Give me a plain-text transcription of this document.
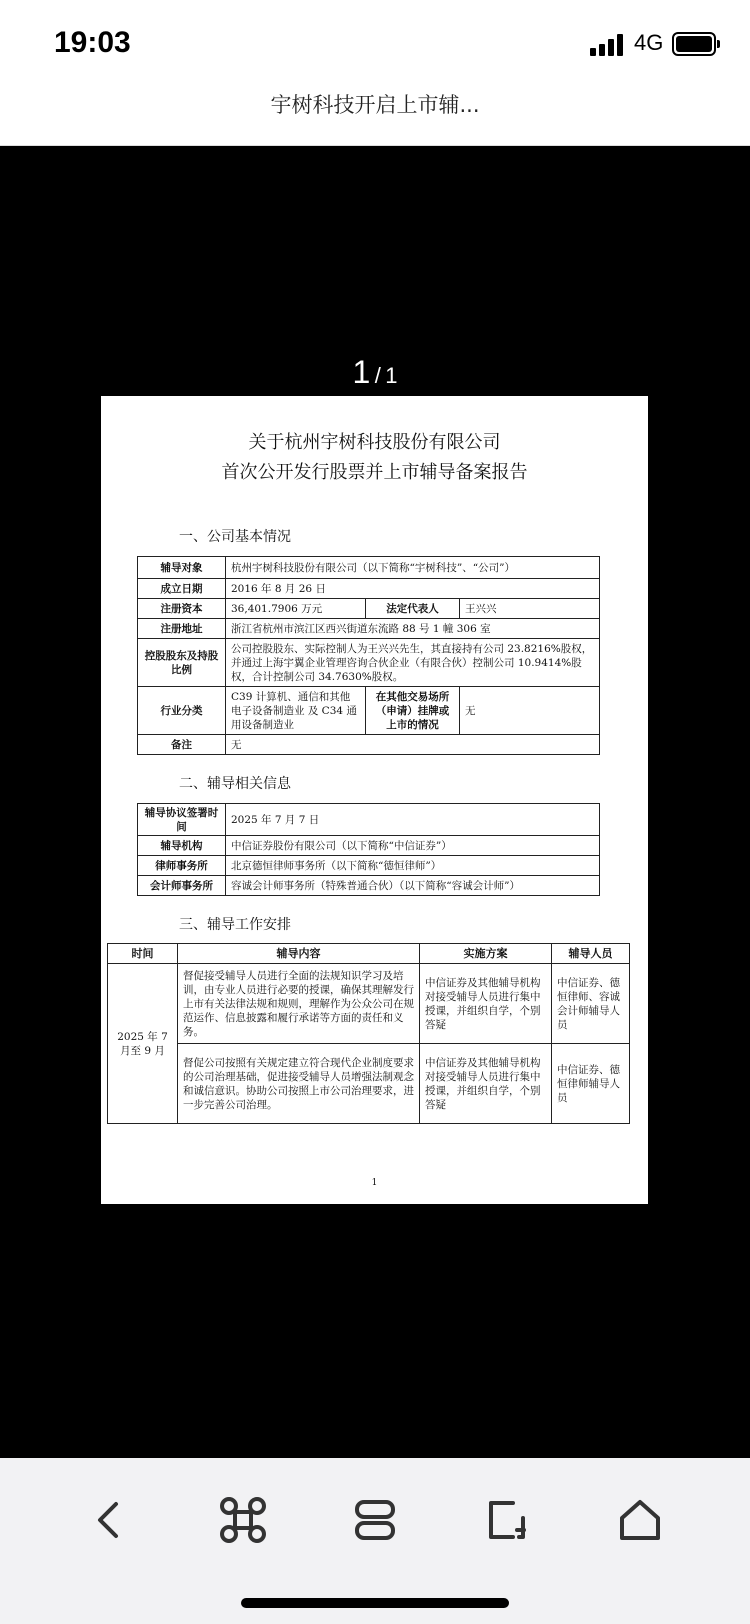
19:03	4G
宇树科技开启上市辅...
1 / 1
关于杭州宇树科技股份有限公司
首次公开发行股票并上市辅导备案报告
一、公司基本情况
辅导对象	杭州宇树科技股份有限公司（以下简称“宇树科技”、“公司”）		
成立日期	2016 年 8 月 26 日		
注册资本	36,401.7906 万元	法定代表人	王兴兴
注册地址	浙江省杭州市滨江区西兴街道东流路 88 号 1 幢 306 室		
控股股东及持股比例	公司控股股东、实际控制人为王兴兴先生，其直接持有公司 23.8216%股权，并通过上海宇翼企业管理咨询合伙企业（有限合伙）控制公司 10.9414%股权，合计控制公司 34.7630%股权。		
行业分类	C39 计算机、通信和其他电子设备制造业 及 C34 通用设备制造业	在其他交易场所（申请）挂牌或上市的情况	无
备注	无		
二、辅导相关信息
辅导协议签署时间	2025 年 7 月 7 日
辅导机构	中信证券股份有限公司（以下简称“中信证券”）
律师事务所	北京德恒律师事务所（以下简称“德恒律师”）
会计师事务所	容诚会计师事务所（特殊普通合伙）（以下简称“容诚会计师”）
三、辅导工作安排
时间	辅导内容	实施方案	辅导人员
2025 年 7 月至 9 月	督促接受辅导人员进行全面的法规知识学习及培训，由专业人员进行必要的授课，确保其理解发行上市有关法律法规和规则，理解作为公众公司在规范运作、信息披露和履行承诺等方面的责任和义务。	中信证券及其他辅导机构对接受辅导人员进行集中授课，并组织自学，个别答疑	中信证券、德恒律师、容诚会计师辅导人员
	督促公司按照有关规定建立符合现代企业制度要求的公司治理基础，促进接受辅导人员增强法制观念和诚信意识。协助公司按照上市公司治理要求，进一步完善公司治理。	中信证券及其他辅导机构对接受辅导人员进行集中授课，并组织自学，个别答疑	中信证券、德恒律师辅导人员
1
